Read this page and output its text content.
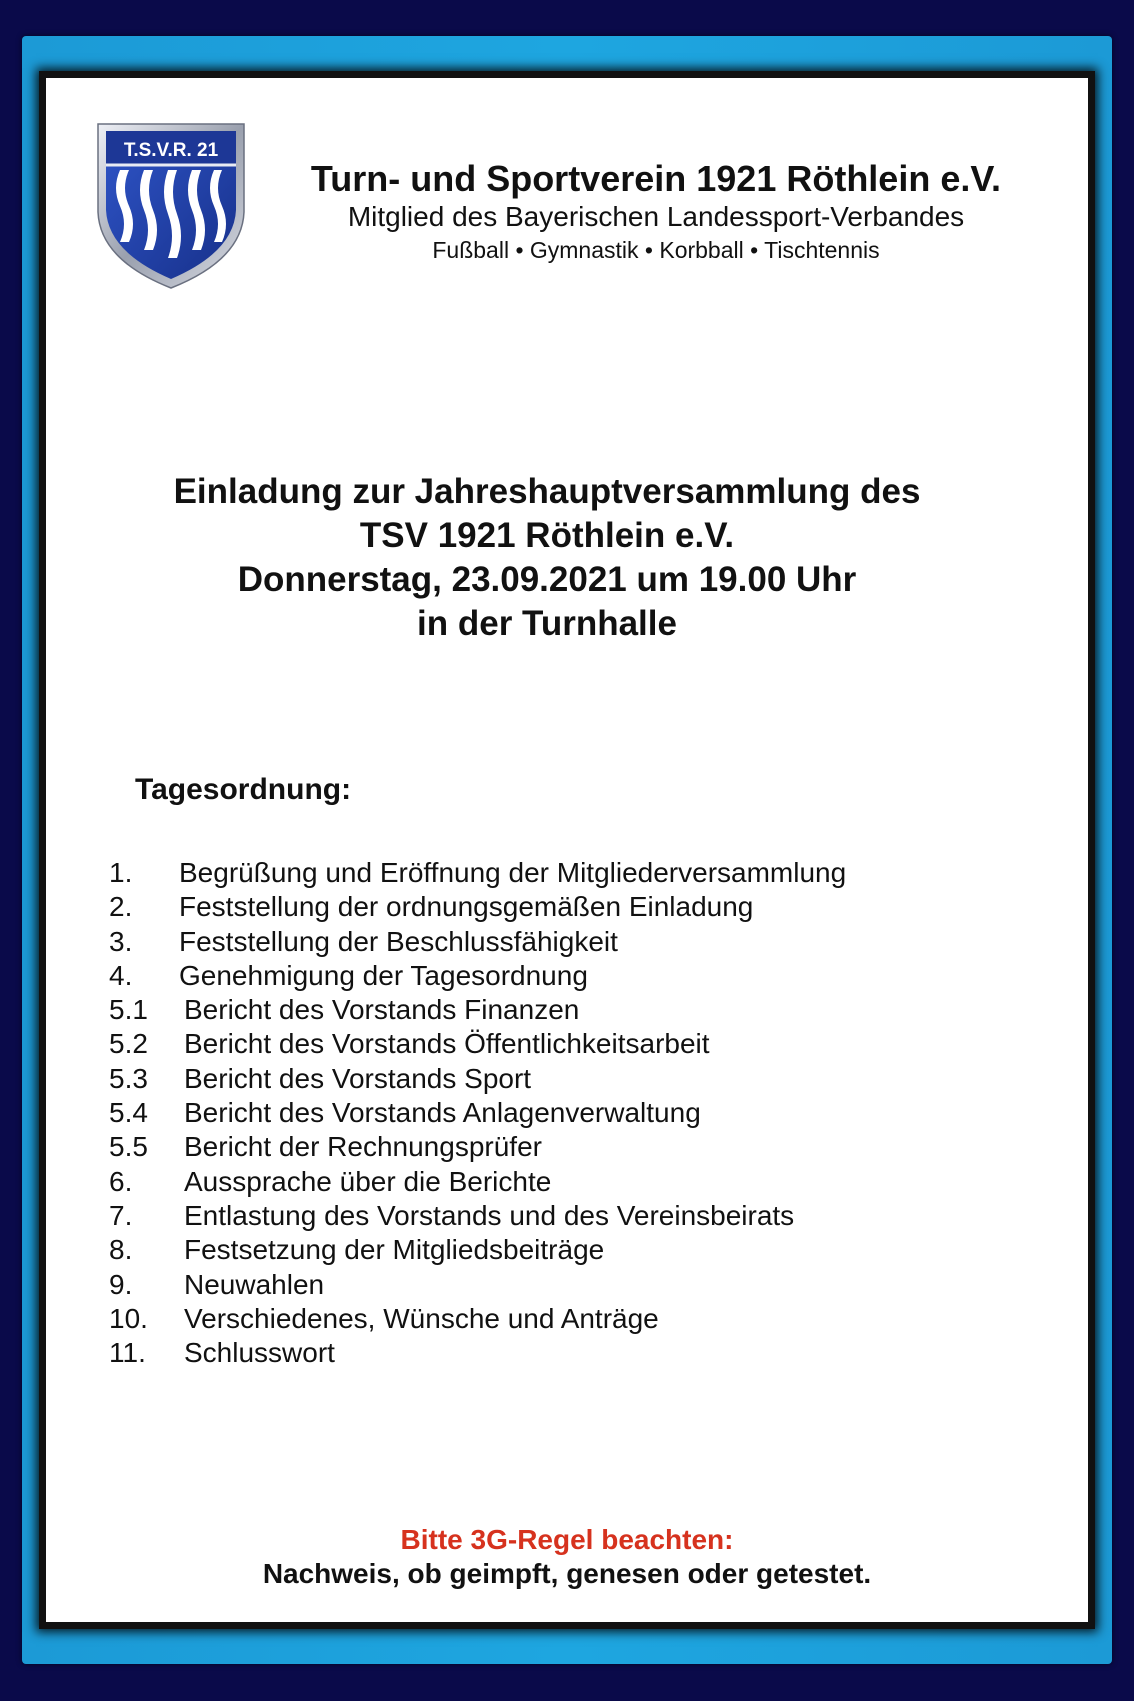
T.S.V.R. 21
Turn- und Sportverein 1921 Röthlein e.V.
Mitglied des Bayerischen Landessport-Verbandes
Fußball • Gymnastik • Korbball • Tischtennis
Einladung zur Jahreshauptversammlung des
TSV 1921 Röthlein e.V.
Donnerstag, 23.09.2021 um 19.00 Uhr
in der Turnhalle
Tagesordnung:
1.	Begrüßung und Eröffnung der Mitgliederversammlung
2.	Feststellung der ordnungsgemäßen Einladung
3.	Feststellung der Beschlussfähigkeit
4.	Genehmigung der Tagesordnung
5.1	Bericht des Vorstands Finanzen
5.2	Bericht des Vorstands Öffentlichkeitsarbeit
5.3	Bericht des Vorstands Sport
5.4	Bericht des Vorstands Anlagenverwaltung
5.5	Bericht der Rechnungsprüfer
6.	Aussprache über die Berichte
7.	Entlastung des Vorstands und des Vereinsbeirats
8.	Festsetzung der Mitgliedsbeiträge
9.	Neuwahlen
10.	Verschiedenes, Wünsche und Anträge
11.	Schlusswort
Bitte 3G-Regel beachten:
Nachweis, ob geimpft, genesen oder getestet.
